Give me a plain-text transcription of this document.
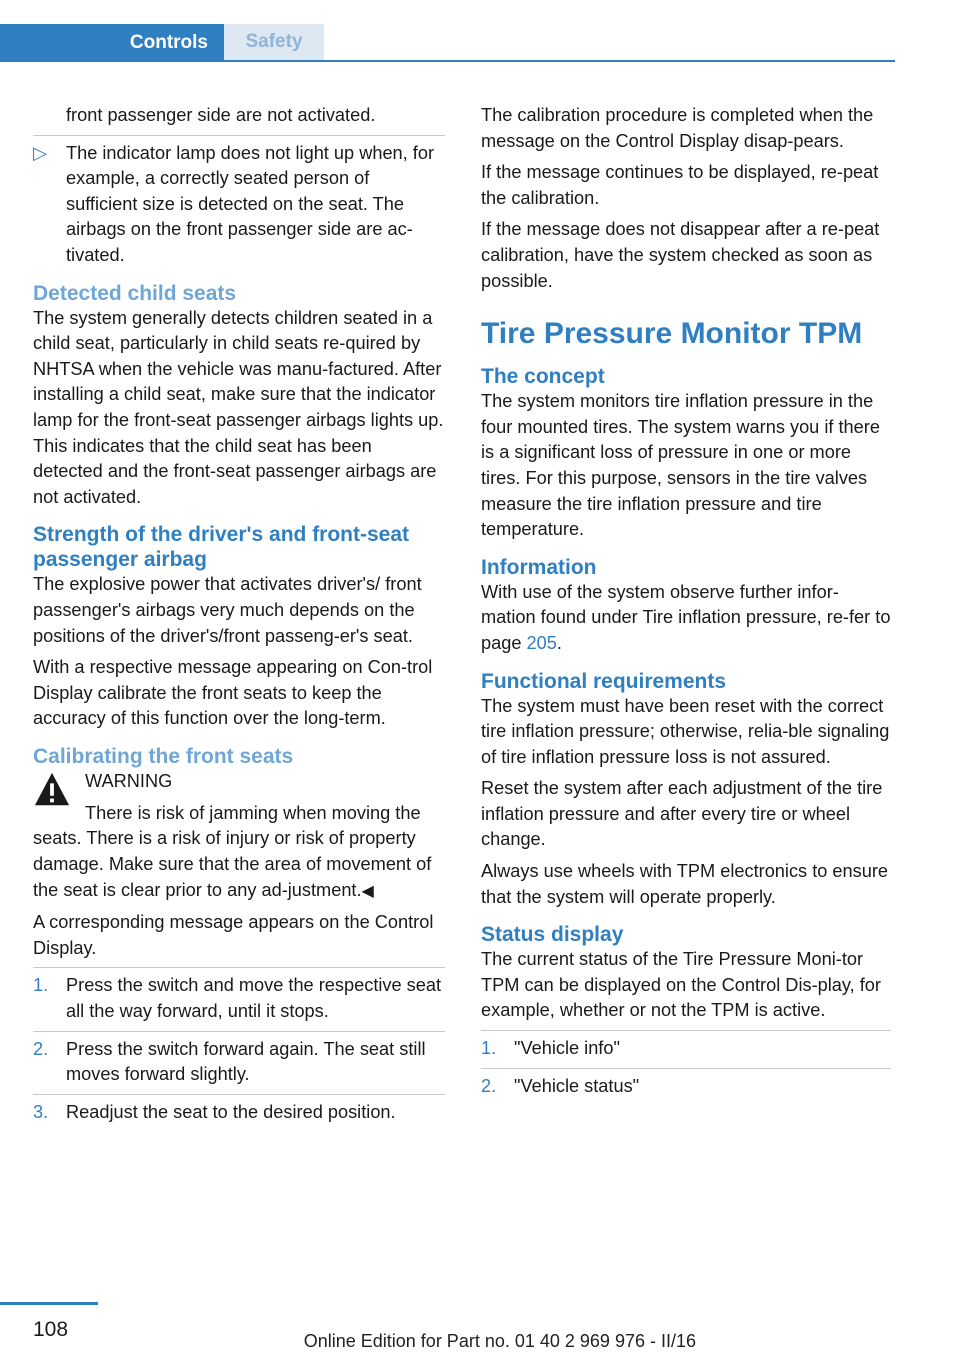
Controls Safety

front passenger side are not activated.

▷ The indicator lamp does not light up when, for example, a correctly seated person of sufficient size is detected on the seat. The airbags on the front passenger side are ac‐tivated.
Detected child seats

The system generally detects children seated in a child seat, particularly in child seats re‐quired by NHTSA when the vehicle was manu‐factured. After installing a child seat, make sure that the indicator lamp for the front-seat passenger airbags lights up. This indicates that the child seat has been detected and the front-seat passenger airbags are not activated.

Strength of the driver's and front-seat passenger airbag

The explosive power that activates driver's/ front passenger's airbags very much depends on the positions of the driver's/front passeng‐er's seat.

With a respective message appearing on Con‐trol Display calibrate the front seats to keep the accuracy of this function over the long-term.

Calibrating the front seats
WARNING

There is risk of jamming when moving the seats. There is a risk of injury or risk of property damage. Make sure that the area of movement of the seat is clear prior to any ad‐justment.◀

A corresponding message appears on the Control Display.

1. Press the switch and move the respective seat all the way forward, until it stops.
2. Press the switch forward again. The seat still moves forward slightly.
3. Readjust the seat to the desired position.

The calibration procedure is completed when the message on the Control Display disap‐pears.

If the message continues to be displayed, re‐peat the calibration.

If the message does not disappear after a re‐peat calibration, have the system checked as soon as possible.

Tire Pressure Monitor TPM
The concept

The system monitors tire inflation pressure in the four mounted tires. The system warns you if there is a significant loss of pressure in one or more tires. For this purpose, sensors in the tire valves measure the tire inflation pressure and tire temperature.

Information

With use of the system observe further infor‐mation found under Tire inflation pressure, re‐fer to page 205.

Functional requirements

The system must have been reset with the correct tire inflation pressure; otherwise, relia‐ble signaling of tire inflation pressure loss is not assured.

Reset the system after each adjustment of the tire inflation pressure and after every tire or wheel change.

Always use wheels with TPM electronics to ensure that the system will operate properly.

Status display

The current status of the Tire Pressure Moni‐tor TPM can be displayed on the Control Dis‐play, for example, whether or not the TPM is active.

1. "Vehicle info"
2. "Vehicle status"
108	Online Edition for Part no. 01 40 2 969 976 - II/16
